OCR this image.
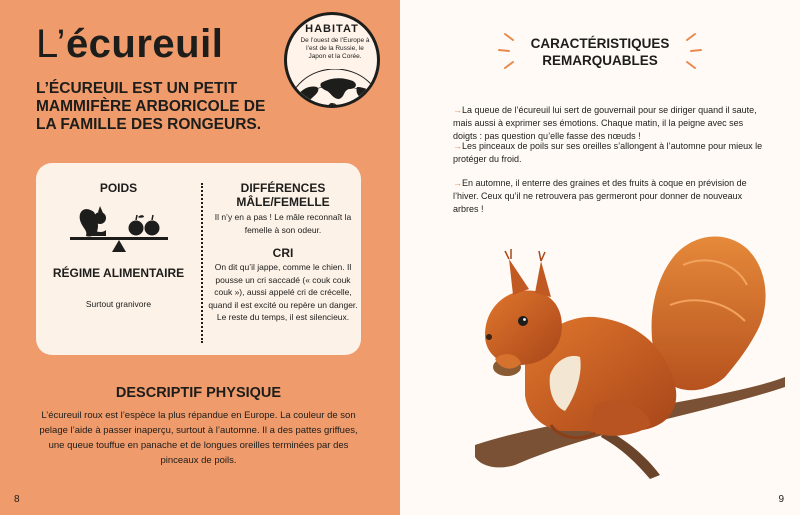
L’écureuil
L’ÉCUREUIL EST UN PETIT MAMMIFÈRE ARBORICOLE DE LA FAMILLE DES RONGEURS.
HABITAT
De l’ouest de l’Europe à l’est de la Russie, le Japon et la Corée.
POIDS
RÉGIME ALIMENTAIRE
Surtout granivore
DIFFÉRENCES MÂLE/FEMELLE
Il n’y en a pas ! Le mâle reconnaît la femelle à son odeur.
CRI
On dit qu’il jappe, comme le chien. Il pousse un cri saccadé (« couk couk couk »), aussi appelé cri de crécelle, quand il est excité ou repère un danger. Le reste du temps, il est silencieux.
DESCRIPTIF PHYSIQUE
L’écureuil roux est l’espèce la plus répandue en Europe. La couleur de son pelage l’aide à passer inaperçu, surtout à l’automne. Il a des pattes griffues, une queue touffue en panache et de longues oreilles terminées par des pinceaux de poils.
8
CARACTÉRISTIQUES REMARQUABLES
→La queue de l’écureuil lui sert de gouvernail pour se diriger quand il saute, mais aussi à exprimer ses émotions. Chaque matin, il la peigne avec ses doigts : pas question qu’elle fasse des nœuds !
→Les pinceaux de poils sur ses oreilles s’allongent à l’automne pour mieux le protéger du froid.
→En automne, il enterre des graines et des fruits à coque en prévision de l’hiver. Ceux qu’il ne retrouvera pas germeront pour donner de nouveaux arbres !
9
